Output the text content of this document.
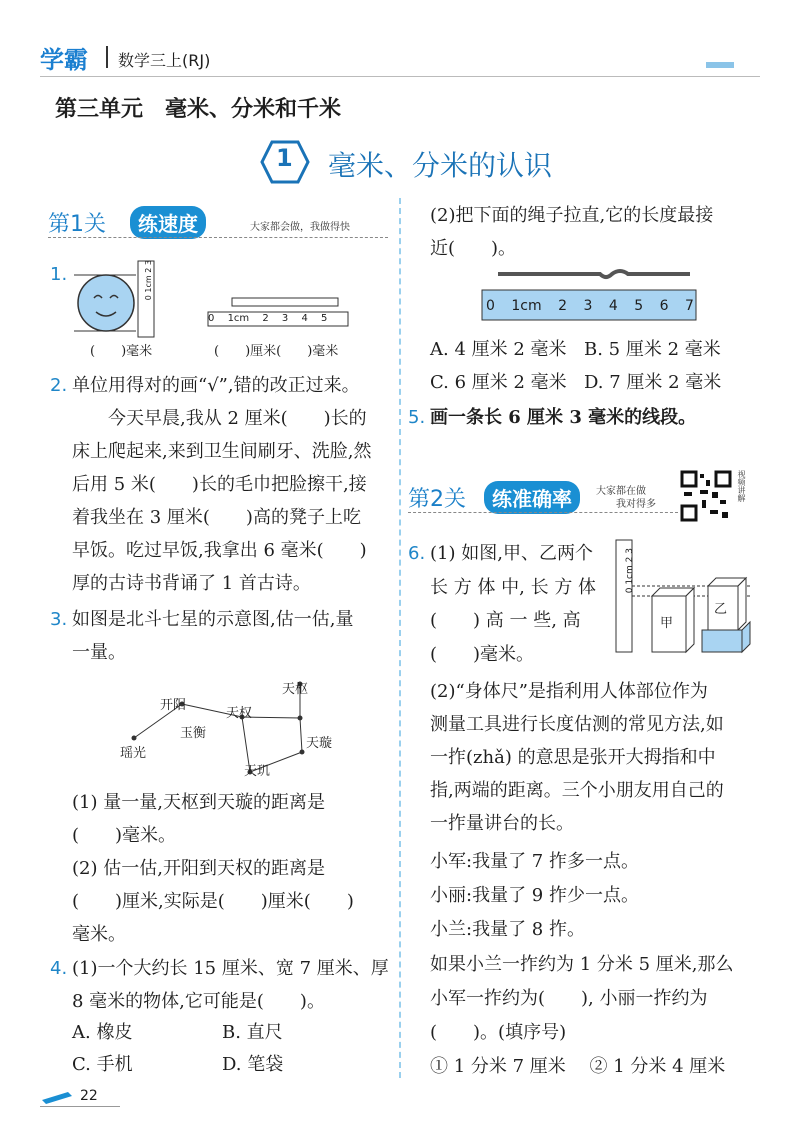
学霸 数学三上(RJ)
第三单元　毫米、分米和千米
1 毫米、分米的认识
第1关	练速度	大家都会做，我做得快
1.
0 1cm 2 3
0 1cm 2 3 4 5
(　　)毫米	(　　)厘米(　　)毫米
2. 单位用得对的画“√”,错的改正过来。
今天早晨,我从 2 厘米(　　)长的
床上爬起来,来到卫生间刷牙、洗脸,然
后用 5 米(　　)长的毛巾把脸擦干,接
着我坐在 3 厘米(　　)高的凳子上吃
早饭。吃过早饭,我拿出 6 毫米(　　)
厚的古诗书背诵了 1 首古诗。
3. 如图是北斗七星的示意图,估一估,量
一量。
天枢
开阳
天权
玉衡
天璇
瑶光
天玑
(1) 量一量,天枢到天璇的距离是
(　　)毫米。
(2) 估一估,开阳到天权的距离是
(　　)厘米,实际是(　　)厘米(　　)
毫米。
4. (1)一个大约长 15 厘米、宽 7 厘米、厚
8 毫米的物体,它可能是(　　)。
A. 橡皮	B. 直尺
C. 手机	D. 笔袋
22
(2)把下面的绳子拉直,它的长度最接
近(　　)。
0 1cm 2 3 4 5 6 7
A. 4 厘米 2 毫米 B. 5 厘米 2 毫米
C. 6 厘米 2 毫米 D. 7 厘米 2 毫米
5. 画一条长 6 厘米 3 毫米的线段。
第2关	练准确率	大家都在做
我对得多
视频讲解
6. (1) 如图,甲、乙两个
长 方 体 中, 长 方 体
(　　) 高 一 些, 高
(　　)毫米。
0 1cm 2 3
甲
乙
(2)“身体尺”是指利用人体部位作为
测量工具进行长度估测的常见方法,如
一拃(zhǎ) 的意思是张开大拇指和中
指,两端的距离。三个小朋友用自己的
一拃量讲台的长。
小军:我量了 7 拃多一点。
小丽:我量了 9 拃少一点。
小兰:我量了 8 拃。
如果小兰一拃约为 1 分米 5 厘米,那么
小军一拃约为(　　), 小丽一拃约为
(　　)。(填序号)
① 1 分米 7 厘米　 ② 1 分米 4 厘米
